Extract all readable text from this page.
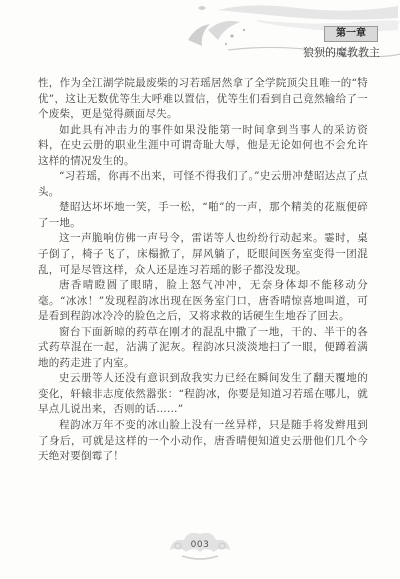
第一章
狼狈的魔教教主

性，作为全江湖学院最废柴的习若瑶居然拿了全学院顶尖且唯一的“特优”，这让无数优等生大呼难以置信，优等生们看到自己竟然输给了一个废柴，更是觉得颜面尽失。

如此具有冲击力的事件如果没能第一时间拿到当事人的采访资料，在史云册的职业生涯中可谓奇耻大辱，他是无论如何也不会允许这样的情况发生的。

“习若瑶，你再不出来，可怪不得我们了。”史云册冲楚昭达点了点头。

楚昭达坏坏地一笑，手一松，“啪”的一声，那个精美的花瓶便碎了一地。

这一声脆响仿佛一声号令，雷诺等人也纷纷行动起来。霎时，桌子倒了，椅子飞了，床榻掀了，屏风躺了，眨眼间医务室变得一团混乱，可是尽管这样，众人还是连习若瑶的影子都没发现。

唐香晴瞪圆了眼睛，脸上怒气冲冲，无奈身体却不能移动分毫。“冰冰！”发现程韵冰出现在医务室门口，唐香晴惊喜地叫道，可是看到程韵冰冷冷的脸色之后，又将求救的话硬生生地吞了回去。

窗台下面新晾的药草在刚才的混乱中撒了一地，干的、半干的各式药草混在一起，沾满了泥灰。程韵冰只淡淡地扫了一眼，便蹲着满地的药走进了内室。

史云册等人还没有意识到敌我实力已经在瞬间发生了翻天覆地的变化，轩辕非志度依然嚣张：“程韵冰，你要是知道习若瑶在哪儿，就早点儿说出来，否则的话……”

程韵冰万年不变的冰山脸上没有一丝异样，只是随手将发辫甩到了身后，可就是这样的一个小动作，唐香晴便知道史云册他们几个今天绝对要倒霉了！

003
